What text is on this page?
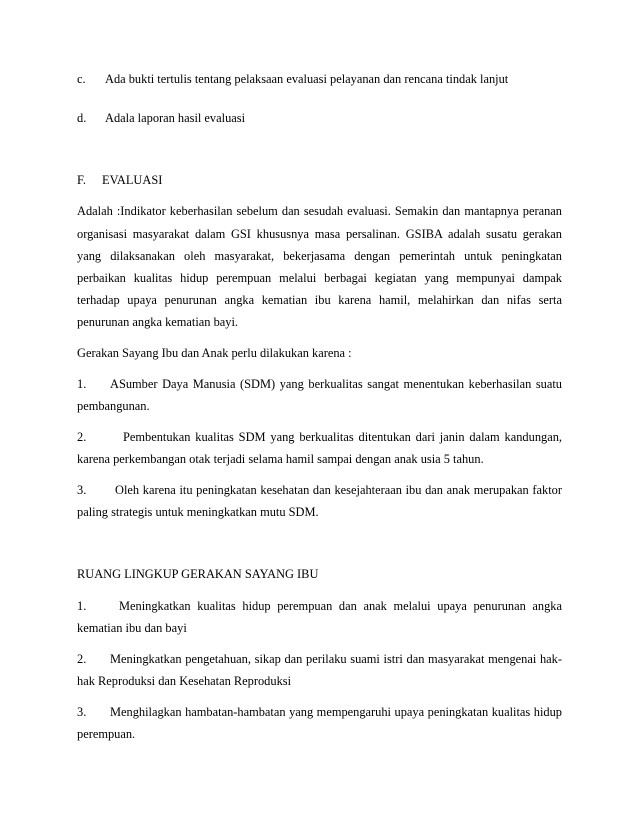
c. Ada bukti tertulis tentang pelaksaan evaluasi pelayanan dan rencana tindak lanjut
d. Adala laporan hasil evaluasi
F. EVALUASI
Adalah :Indikator keberhasilan sebelum dan sesudah evaluasi. Semakin dan mantapnya peranan
organisasi masyarakat dalam GSI khususnya masa persalinan. GSIBA adalah susatu gerakan
yang dilaksanakan oleh masyarakat, bekerjasama dengan pemerintah untuk peningkatan
perbaikan kualitas hidup perempuan melalui berbagai kegiatan yang mempunyai dampak
terhadap upaya penurunan angka kematian ibu karena hamil, melahirkan dan nifas serta
penurunan angka kematian bayi.
Gerakan Sayang Ibu dan Anak perlu dilakukan karena :
1.	ASumber Daya Manusia (SDM) yang berkualitas sangat menentukan keberhasilan suatu
pembangunan.
2.	Pembentukan kualitas SDM yang berkualitas ditentukan dari janin dalam kandungan,
karena perkembangan otak terjadi selama hamil sampai dengan anak usia 5 tahun.
3.	Oleh karena itu peningkatan kesehatan dan kesejahteraan ibu dan anak merupakan faktor
paling strategis untuk meningkatkan mutu SDM.
RUANG LINGKUP GERAKAN SAYANG IBU
1.	Meningkatkan kualitas hidup perempuan dan anak melalui upaya penurunan angka
kematian ibu dan bayi
2.	Meningkatkan pengetahuan, sikap dan perilaku suami istri dan masyarakat mengenai hak-
hak Reproduksi dan Kesehatan Reproduksi
3.	Menghilagkan hambatan-hambatan yang mempengaruhi upaya peningkatan kualitas hidup
perempuan.
